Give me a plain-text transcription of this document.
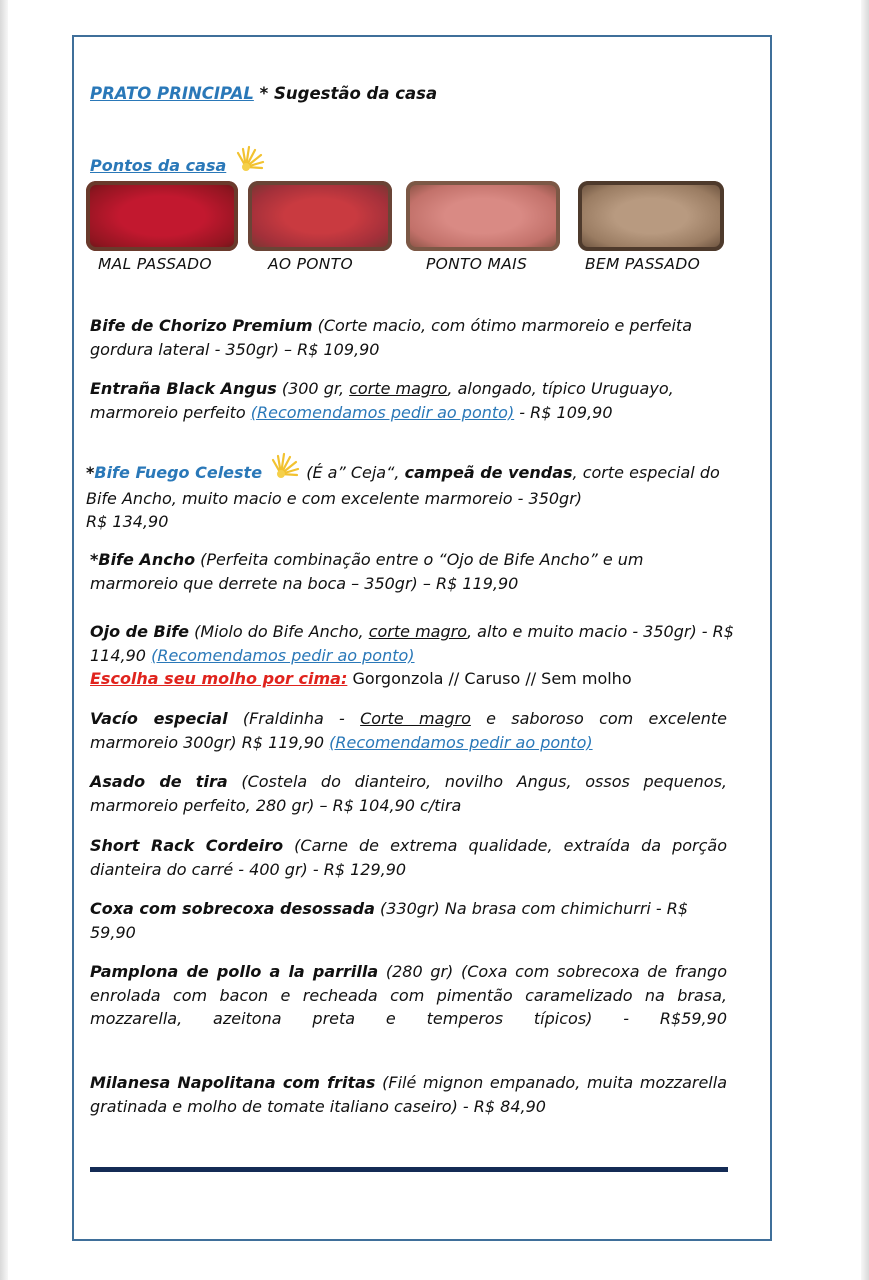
PRATO PRINCIPAL * Sugestão da casa
Pontos da casa
MAL PASSADO	AO PONTO	PONTO MAIS	BEM PASSADO
Bife de Chorizo Premium (Corte macio, com ótimo marmoreio e perfeita gordura lateral - 350gr) – R$ 109,90
Entraña Black Angus (300 gr, corte magro, alongado, típico Uruguayo, marmoreio perfeito (Recomendamos pedir ao ponto) - R$ 109,90
*Bife Fuego Celeste  (É a” Ceja“, campeã de vendas, corte especial do Bife Ancho, muito macio e com excelente marmoreio - 350gr)
R$ 134,90
*Bife Ancho (Perfeita combinação entre o “Ojo de Bife Ancho” e um marmoreio que derrete na boca – 350gr) – R$ 119,90
Ojo de Bife (Miolo do Bife Ancho, corte magro, alto e muito macio - 350gr) - R$ 114,90 (Recomendamos pedir ao ponto)
Escolha seu molho por cima: Gorgonzola // Caruso // Sem molho
Vacío especial (Fraldinha - Corte magro e saboroso com excelente marmoreio 300gr) R$ 119,90 (Recomendamos pedir ao ponto)
Asado de tira (Costela do dianteiro, novilho Angus, ossos pequenos, marmoreio perfeito, 280 gr) – R$ 104,90 c/tira
Short Rack Cordeiro (Carne de extrema qualidade, extraída da porção dianteira do carré - 400 gr) - R$ 129,90
Coxa com sobrecoxa desossada (330gr) Na brasa com chimichurri - R$ 59,90
Pamplona de pollo a la parrilla (280 gr) (Coxa com sobrecoxa de frango enrolada com bacon e recheada com pimentão caramelizado na brasa, mozzarella, azeitona preta e temperos típicos) - R$59,90
Milanesa Napolitana com fritas (Filé mignon empanado, muita mozzarella gratinada e molho de tomate italiano caseiro) - R$ 84,90
